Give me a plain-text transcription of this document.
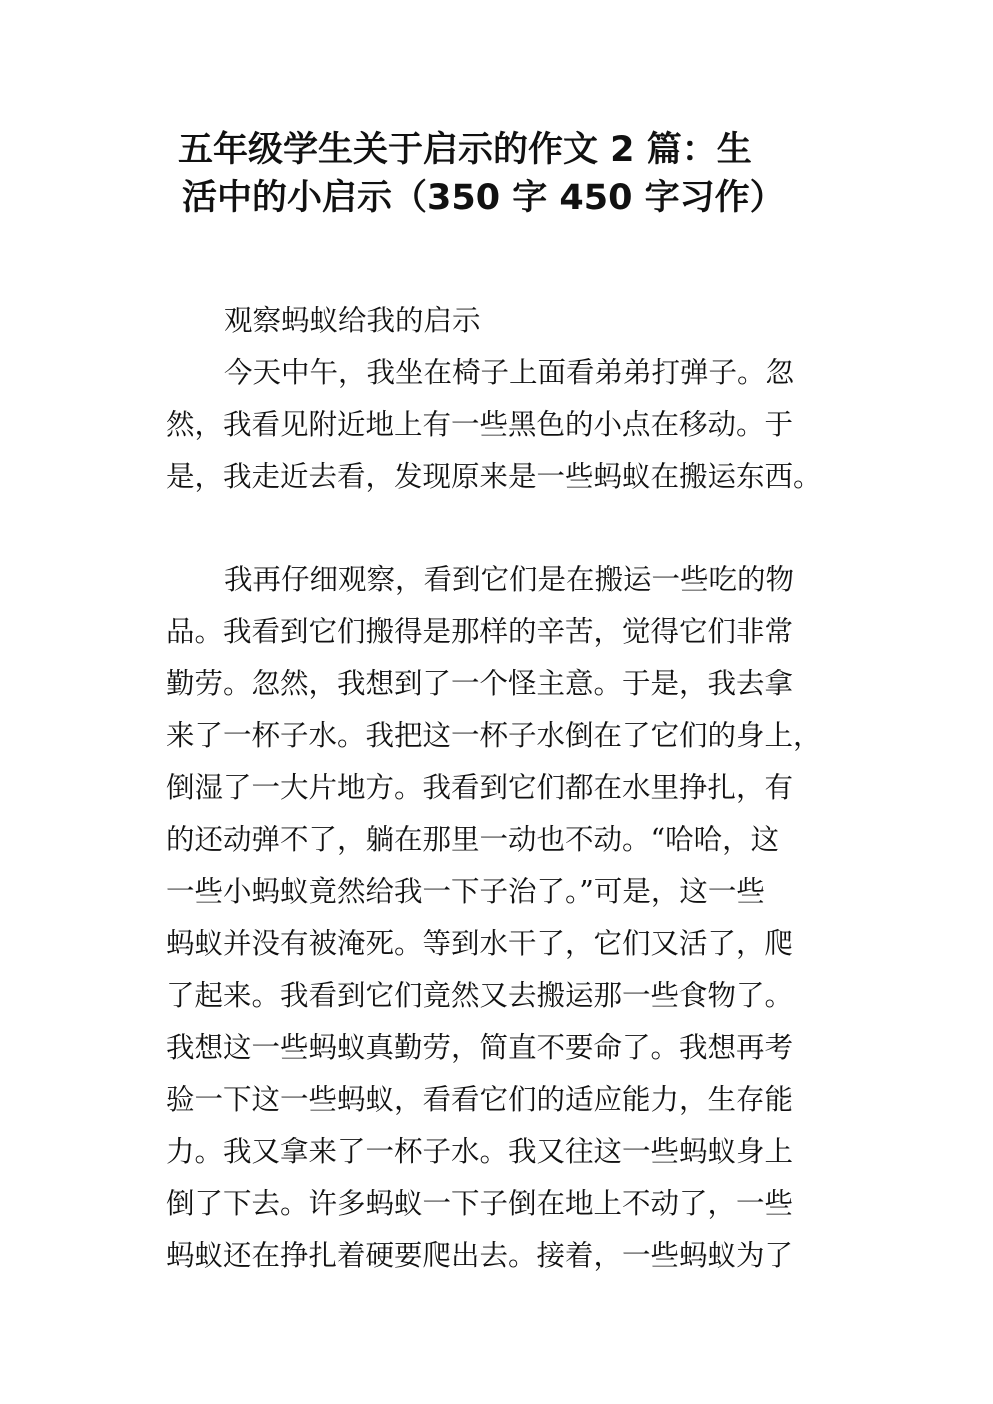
五年级学生关于启示的作文 2 篇：生
活中的小启示（350 字 450 字习作）
观察蚂蚁给我的启示
今天中午，我坐在椅子上面看弟弟打弹子。忽
然，我看见附近地上有一些黑色的小点在移动。于
是，我走近去看，发现原来是一些蚂蚁在搬运东西。
我再仔细观察，看到它们是在搬运一些吃的物
品。我看到它们搬得是那样的辛苦，觉得它们非常
勤劳。忽然，我想到了一个怪主意。于是，我去拿
来了一杯子水。我把这一杯子水倒在了它们的身上，
倒湿了一大片地方。我看到它们都在水里挣扎，有
的还动弹不了，躺在那里一动也不动。“哈哈，这
一些小蚂蚁竟然给我一下子治了。”可是，这一些
蚂蚁并没有被淹死。等到水干了，它们又活了，爬
了起来。我看到它们竟然又去搬运那一些食物了。
我想这一些蚂蚁真勤劳，简直不要命了。我想再考
验一下这一些蚂蚁，看看它们的适应能力，生存能
力。我又拿来了一杯子水。我又往这一些蚂蚁身上
倒了下去。许多蚂蚁一下子倒在地上不动了，一些
蚂蚁还在挣扎着硬要爬出去。接着，一些蚂蚁为了
